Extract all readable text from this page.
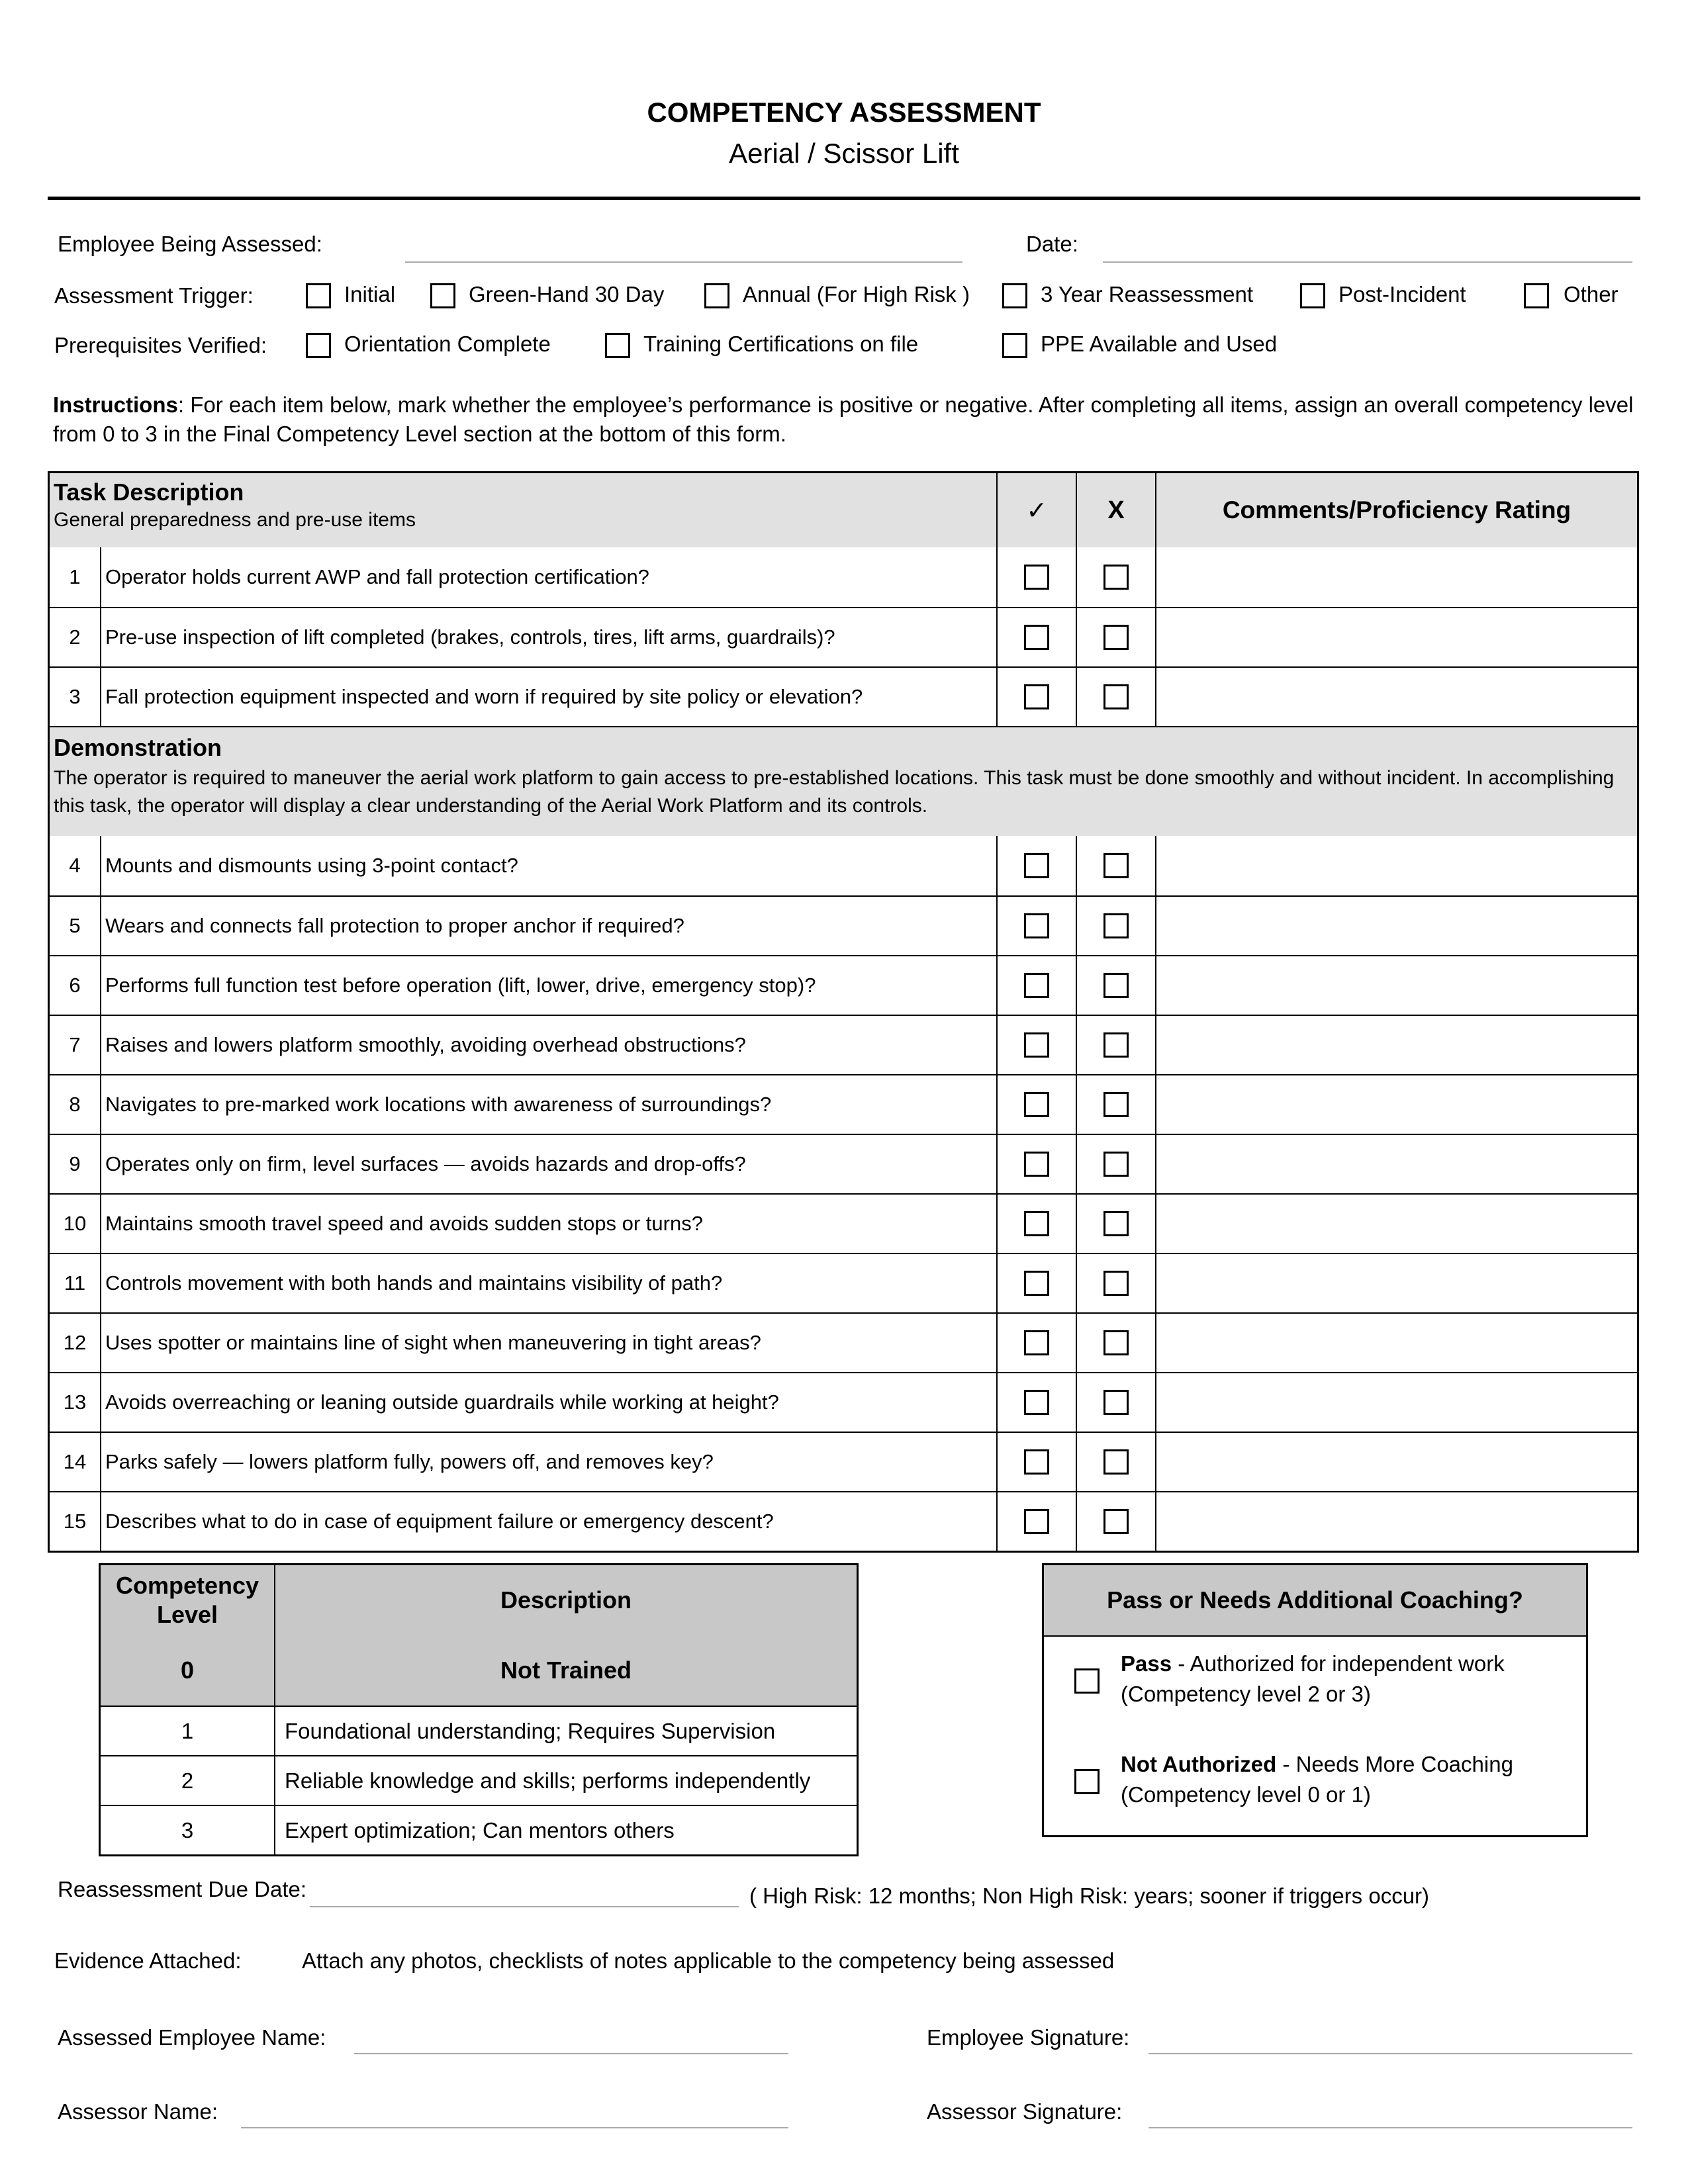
COMPETENCY ASSESSMENT
Aerial / Scissor Lift
Employee Being Assessed:	Date:
Assessment Trigger:	Initial	Green-Hand 30 Day	Annual (For High Risk )	3 Year Reassessment	Post-Incident	Other
Prerequisites Verified:	Orientation Complete	Training Certifications on file	PPE Available and Used
Instructions: For each item below, mark whether the employee’s performance is positive or negative. After completing all items, assign an overall competency level from 0 to 3 in the Final Competency Level section at the bottom of this form.
Task Description
General preparedness and pre-use items	✓	X	Comments/Proficiency Rating
1	Operator holds current AWP and fall protection certification?
2	Pre-use inspection of lift completed (brakes, controls, tires, lift arms, guardrails)?
3	Fall protection equipment inspected and worn if required by site policy or elevation?
Demonstration
The operator is required to maneuver the aerial work platform to gain access to pre-established locations. This task must be done smoothly and without incident. In accomplishing this task, the operator will display a clear understanding of the Aerial Work Platform and its controls.
4	Mounts and dismounts using 3-point contact?
5	Wears and connects fall protection to proper anchor if required?
6	Performs full function test before operation (lift, lower, drive, emergency stop)?
7	Raises and lowers platform smoothly, avoiding overhead obstructions?
8	Navigates to pre-marked work locations with awareness of surroundings?
9	Operates only on firm, level surfaces — avoids hazards and drop-offs?
10 Maintains smooth travel speed and avoids sudden stops or turns?
11 Controls movement with both hands and maintains visibility of path?
12 Uses spotter or maintains line of sight when maneuvering in tight areas?
13 Avoids overreaching or leaning outside guardrails while working at height?
14 Parks safely — lowers platform fully, powers off, and removes key?
15 Describes what to do in case of equipment failure or emergency descent?
Competency Level
Description
0	Not Trained
1	Foundational understanding; Requires Supervision
2	Reliable knowledge and skills; performs independently
3	Expert optimization; Can mentors others
Pass or Needs Additional Coaching?
Pass - Authorized for independent work (Competency level 2 or 3)
Not Authorized - Needs More Coaching (Competency level 0 or 1)
Reassessment Due Date:	( High Risk: 12 months; Non High Risk: years; sooner if triggers occur)
Evidence Attached:	Attach any photos, checklists of notes applicable to the competency being assessed
Assessed Employee Name:	Employee Signature:
Assessor Name:	Assessor Signature:
